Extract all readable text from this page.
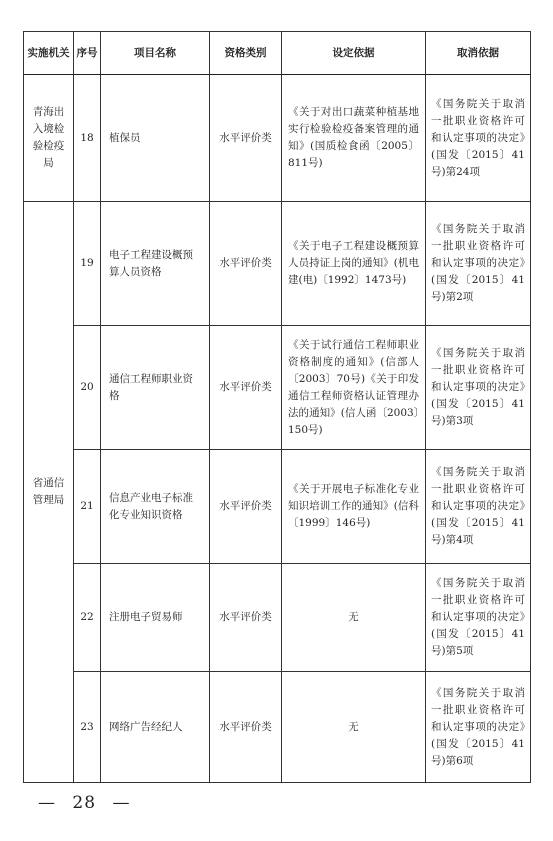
实施机关	序号	项目名称	资格类别	设定依据	取消依据
青海出入境检验检疫局	18	植保员	水平评价类	《关于对出口蔬菜种植基地实行检验检疫备案管理的通知》(国质检食函〔2005〕811号)	《国务院关于取消一批职业资格许可和认定事项的决定》(国发〔2015〕41号)第24项
省通信管理局	19	电子工程建设概预算人员资格	水平评价类	《关于电子工程建设概预算人员持证上岗的通知》(机电建(电)〔1992〕1473号)	《国务院关于取消一批职业资格许可和认定事项的决定》(国发〔2015〕41号)第2项
	20	通信工程师职业资格	水平评价类	《关于试行通信工程师职业资格制度的通知》(信部人〔2003〕70号)《关于印发通信工程师资格认证管理办法的通知》(信人函〔2003〕150号)	《国务院关于取消一批职业资格许可和认定事项的决定》(国发〔2015〕41号)第3项
	21	信息产业电子标准化专业知识资格	水平评价类	《关于开展电子标准化专业知识培训工作的通知》(信科〔1999〕146号)	《国务院关于取消一批职业资格许可和认定事项的决定》(国发〔2015〕41号)第4项
	22	注册电子贸易师	水平评价类	无	《国务院关于取消一批职业资格许可和认定事项的决定》(国发〔2015〕41号)第5项
	23	网络广告经纪人	水平评价类	无	《国务院关于取消一批职业资格许可和认定事项的决定》(国发〔2015〕41号)第6项
— 28 —
